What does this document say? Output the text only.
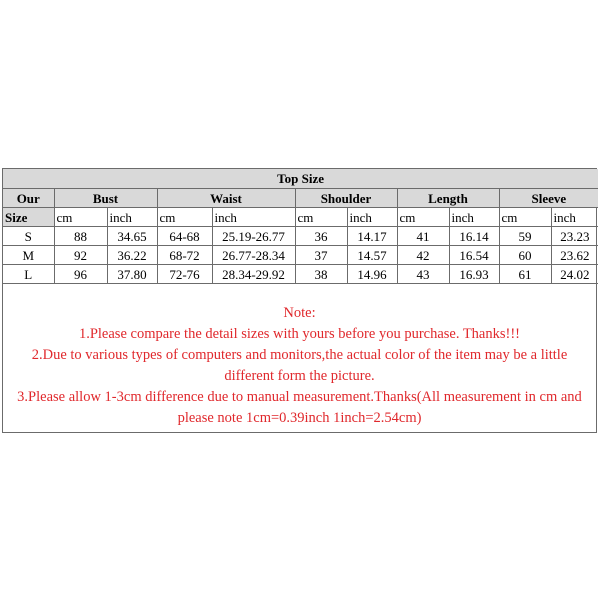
Top Size										
Our	Bust		Waist		Shoulder		Length		Sleeve	
Size	cm	inch	cm	inch	cm	inch	cm	inch	cm	inch
S	88	34.65	64-68	25.19-26.77	36	14.17	41	16.14	59	23.23
M	92	36.22	68-72	26.77-28.34	37	14.57	42	16.54	60	23.62
L	96	37.80	72-76	28.34-29.92	38	14.96	43	16.93	61	24.02
Note:
1.Please compare the detail sizes with yours before you purchase. Thanks!!!
2.Due to various types of computers and monitors,the actual color of the item may be a little
different form the picture.
3.Please allow 1-3cm difference due to manual measurement.Thanks(All measurement in cm and
please note 1cm=0.39inch 1inch=2.54cm)
